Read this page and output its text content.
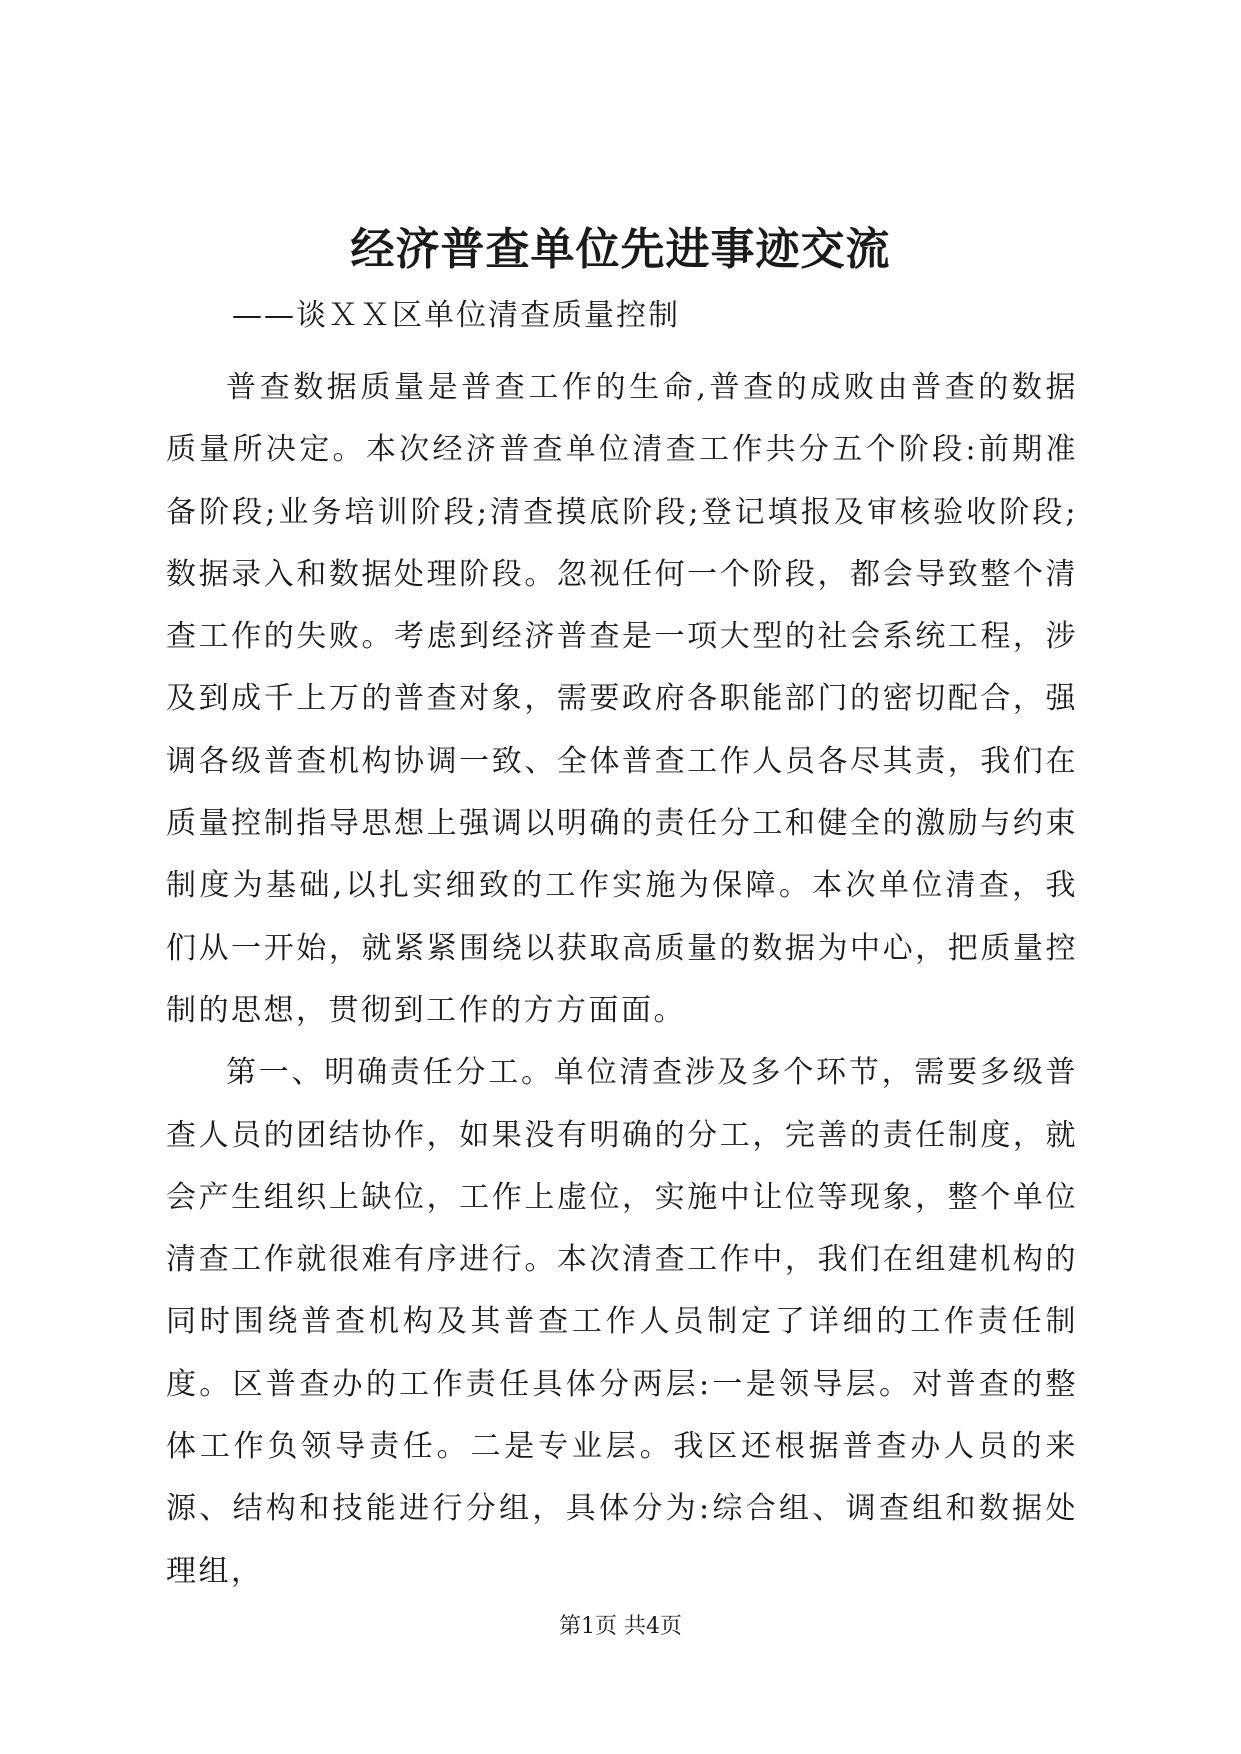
经济普查单位先进事迹交流

——谈ＸＸ区单位清查质量控制

普查数据质量是普查工作的生命,普查的成败由普查的数据质量所决定。本次经济普查单位清查工作共分五个阶段:前期准备阶段;业务培训阶段;清查摸底阶段;登记填报及审核验收阶段;数据录入和数据处理阶段。忽视任何一个阶段，都会导致整个清查工作的失败。考虑到经济普查是一项大型的社会系统工程，涉及到成千上万的普查对象，需要政府各职能部门的密切配合，强调各级普查机构协调一致、全体普查工作人员各尽其责，我们在质量控制指导思想上强调以明确的责任分工和健全的激励与约束制度为基础,以扎实细致的工作实施为保障。本次单位清查，我们从一开始，就紧紧围绕以获取高质量的数据为中心，把质量控制的思想，贯彻到工作的方方面面。

第一、明确责任分工。单位清查涉及多个环节，需要多级普查人员的团结协作，如果没有明确的分工，完善的责任制度，就会产生组织上缺位，工作上虚位，实施中让位等现象，整个单位清查工作就很难有序进行。本次清查工作中，我们在组建机构的同时围绕普查机构及其普查工作人员制定了详细的工作责任制度。区普查办的工作责任具体分两层:一是领导层。对普查的整体工作负领导责任。二是专业层。我区还根据普查办人员的来源、结构和技能进行分组，具体分为:综合组、调查组和数据处理组，

第1页 共4页
